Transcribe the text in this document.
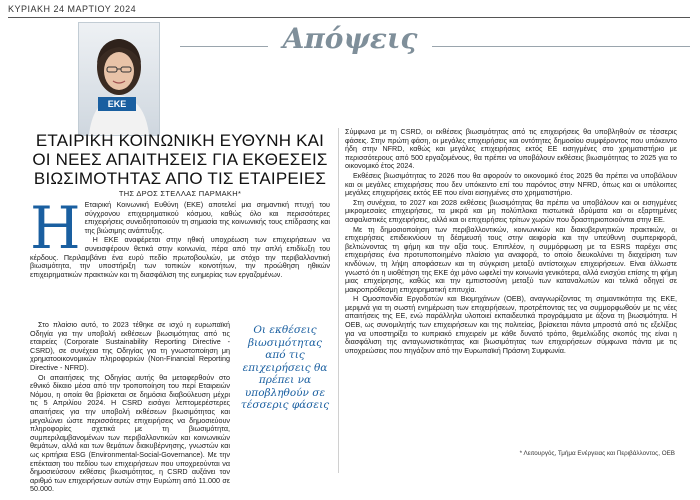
ΚΥΡΙΑΚΗ 24 ΜΑΡΤΙΟΥ 2024
Απόψεις
ΕΚΕ
ΕΤΑΙΡΙΚΗ ΚΟΙΝΩΝΙΚΗ ΕΥΘΥΝΗ ΚΑΙ ΟΙ ΝΕΕΣ ΑΠΑΙΤΗΣΕΙΣ ΓΙΑ ΕΚΘΕΣΕΙΣ ΒΙΩΣΙΜΟΤΗΤΑΣ ΑΠΟ ΤΙΣ ΕΤΑΙΡΕΙΕΣ
ΤΗΣ ΔΡΟΣ ΣΤΕΛΛΑΣ ΠΑΡΜΑΚΗ*

Η Εταιρική Κοινωνική Ευθύνη (ΕΚΕ) αποτελεί μια σημαντική πτυχή του σύγχρονου επιχειρηματικού κόσμου, καθώς όλο και περισσότερες επιχειρήσεις συνειδητοποιούν τη σημασία της κοινωνικής τους επίδρασης και της βιώσιμης ανάπτυξης.

Η ΕΚΕ αναφέρεται στην ηθική υποχρέωση των επιχειρήσεων να συνεισφέρουν θετικά στην κοινωνία, πέρα από την απλή επιδίωξη του κέρδους. Περιλαμβάνει ένα ευρύ πεδίο πρωτοβουλιών, με στόχο την περιβαλλοντική βιωσιμότητα, την υποστήριξη των τοπικών κοινοτήτων, την προώθηση ηθικών επιχειρηματικών πρακτικών και τη διασφάλιση της ευημερίας των εργαζομένων.

Στο πλαίσιο αυτό, το 2023 τέθηκε σε ισχύ η ευρωπαϊκή Οδηγία για την υποβολή εκθέσεων βιωσιμότητας από τις εταιρείες (Corporate Sustainability Reporting Directive - CSRD), σε συνέχεια της Οδηγίας για τη γνωστοποίηση μη χρηματοοικονομικών πληροφοριών (Non-Financial Reporting Directive - NFRD).

Οι απαιτήσεις της Οδηγίας αυτής θα μεταφερθούν στο εθνικό δίκαιο μέσα από την τροποποίηση του περί Εταιρειών Νόμου, η οποία θα βρίσκεται σε δημόσια διαβούλευση μέχρι τις 5 Απριλίου 2024. Η CSRD εισάγει λεπτομερέστερες απαιτήσεις για την υποβολή εκθέσεων βιωσιμότητας και μεγαλώνει ώστε περισσότερες επιχειρήσεις να δημοσιεύουν πληροφορίες σχετικά με τη βιωσιμότητα, συμπεριλαμβανομένων των περιβαλλοντικών και κοινωνικών θεμάτων, αλλά και των θεμάτων διακυβέρνησης, γνωστών και ως κριτήρια ESG (Environmental-Social-Governance). Με την επέκταση του πεδίου των επιχειρήσεων που υποχρεούνται να δημοσιεύσουν εκθέσεις βιωσιμότητας, η CSRD αυξάνει τον αριθμό των επιχειρήσεων αυτών στην Ευρώπη από 11.000 σε 50.000.

Οι εκθέσεις βιωσιμότητας από τις επιχειρήσεις θα πρέπει να υποβληθούν σε τέσσερις φάσεις

Σύμφωνα με τη CSRD, οι εκθέσεις βιωσιμότητας από τις επιχειρήσεις θα υποβληθούν σε τέσσερις φάσεις. Στην πρώτη φάση, οι μεγάλες επιχειρήσεις και οντότητες δημοσίου συμφέροντος που υπόκειντο ήδη στην NFRD, καθώς και μεγάλες επιχειρήσεις εκτός ΕΕ εισηγμένες στο χρηματιστήριο με περισσότερους από 500 εργαζομένους, θα πρέπει να υποβάλουν εκθέσεις βιωσιμότητας το 2025 για το οικονομικό έτος 2024.

Εκθέσεις βιωσιμότητας το 2026 που θα αφορούν το οικονομικό έτος 2025 θα πρέπει να υποβάλουν και οι μεγάλες επιχειρήσεις που δεν υπόκειντο επί του παρόντος στην NFRD, όπως και οι υπόλοιπες μεγάλες επιχειρήσεις εκτός ΕΕ που είναι εισηγμένες στο χρηματιστήριο.

Στη συνέχεια, το 2027 και 2028 εκθέσεις βιωσιμότητας θα πρέπει να υποβάλουν και οι εισηγμένες μικρομεσαίες επιχειρήσεις, τα μικρά και μη πολύπλοκα πιστωτικά ιδρύματα και οι εξαρτημένες ασφαλιστικές επιχειρήσεις, αλλά και οι επιχειρήσεις τρίτων χωρών που δραστηριοποιούνται στην ΕΕ.

Με τη δημοσιοποίηση των περιβαλλοντικών, κοινωνικών και διακυβερνητικών πρακτικών, οι επιχειρήσεις επιδεικνύουν τη δέσμευσή τους στην αειφορία και την υπεύθυνη συμπεριφορά, βελτιώνοντας τη φήμη και την αξία τους. Επιπλέον, η συμμόρφωση με τα ESRS παρέχει στις επιχειρήσεις ένα προτυποποιημένο πλαίσιο για αναφορά, το οποίο διευκολύνει τη διαχείριση των κινδύνων, τη λήψη αποφάσεων και τη σύγκριση μεταξύ αντίστοιχων επιχειρήσεων. Είναι άλλωστε γνωστό ότι η υιοθέτηση της ΕΚΕ όχι μόνο ωφελεί την κοινωνία γενικότερα, αλλά ενισχύει επίσης τη φήμη μιας επιχείρησης, καθώς και την εμπιστοσύνη μεταξύ των καταναλωτών και τελικά οδηγεί σε μακροπρόθεσμη επιχειρηματική επιτυχία.

Η Ομοσπονδία Εργοδοτών και Βιομηχάνων (ΟΕΒ), αναγνωρίζοντας τη σημαντικότητα της ΕΚΕ, μεριμνά για τη σωστή ενημέρωση των επιχειρήσεων, προτρέποντας τες να συμμορφωθούν με τις νέες απαιτήσεις της ΕΕ, ενώ παράλληλα υλοποιεί εκπαιδευτικά προγράμματα με άξονα τη βιωσιμότητα. Η ΟΕΒ, ως συνομιλητής των επιχειρήσεων και της πολιτείας, βρίσκεται πάντα μπροστά από τις εξελίξεις για να υποστηρίξει το κυπριακό επιχειρείν με κάθε δυνατό τρόπο, θεμελιώδης σκοπός της είναι η διασφάλιση της ανταγωνιστικότητας και βιωσιμότητας των επιχειρήσεων σύμφωνα πάντα με τις υποχρεώσεις που πηγάζουν από την Ευρωπαϊκή Πράσινη Συμφωνία.

* Λειτουργός, Τμήμα Ενέργειας και Περιβάλλοντος, ΟΕΒ
